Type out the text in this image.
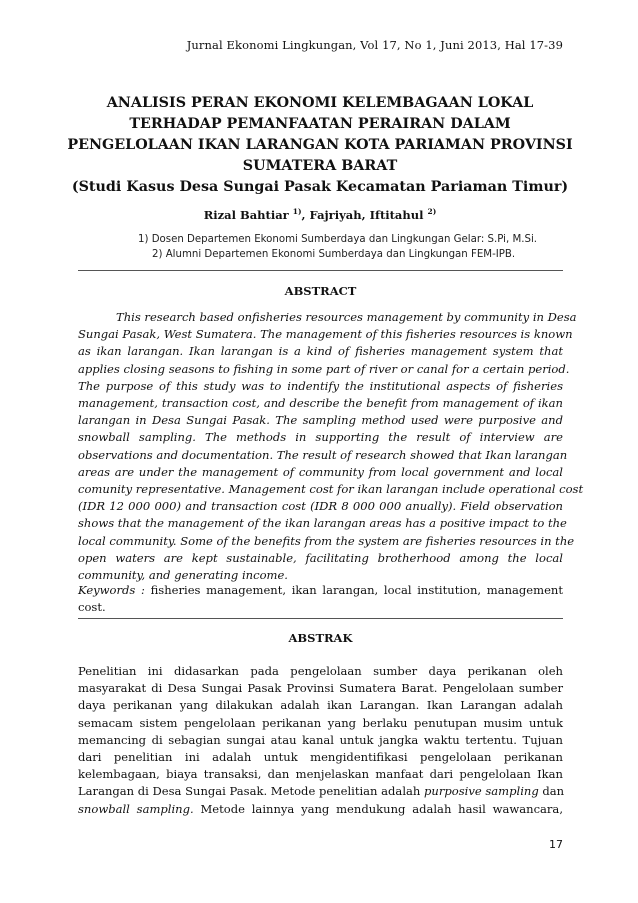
Jurnal Ekonomi Lingkungan, Vol 17, No 1, Juni 2013, Hal 17-39
ANALISIS PERAN EKONOMI KELEMBAGAAN LOKAL
TERHADAP PEMANFAATAN PERAIRAN DALAM
PENGELOLAAN IKAN LARANGAN KOTA PARIAMAN PROVINSI
SUMATERA BARAT
(Studi Kasus Desa Sungai Pasak Kecamatan Pariaman Timur)
Rizal Bahtiar $^{1)}$, Fajriyah, Iftitahul $^{2)}$
1) Dosen Departemen Ekonomi Sumberdaya dan Lingkungan Gelar: S.Pi, M.Si.
2) Alumni Departemen Ekonomi Sumberdaya dan Lingkungan FEM-IPB.
ABSTRACT
This research based onfisheries resources management by community in Desa
Sungai Pasak, West Sumatera. The management of this fisheries resources is known
as ikan larangan. Ikan larangan is a kind of fisheries management system that
applies closing seasons to fishing in some part of river or canal for a certain period.
The purpose of this study was to indentify the institutional aspects of fisheries
management, transaction cost, and describe the benefit from management of ikan
larangan in Desa Sungai Pasak. The sampling method used were purposive and
snowball sampling. The methods in supporting the result of interview are
observations and documentation. The result of research showed that Ikan larangan
areas are under the management of community from local government and local
comunity representative. Management cost for ikan larangan include operational cost
(IDR 12 000 000) and transaction cost (IDR 8 000 000 anually). Field observation
shows that the management of the ikan larangan areas has a positive impact to the
local community. Some of the benefits from the system are fisheries resources in the
open waters are kept sustainable, facilitating brotherhood among the local
community, and generating income.
Keywords : fisheries management, ikan larangan, local institution, management
cost.
ABSTRAK
Penelitian ini didasarkan pada pengelolaan sumber daya perikanan oleh
masyarakat di Desa Sungai Pasak Provinsi Sumatera Barat. Pengelolaan sumber
daya perikanan yang dilakukan adalah ikan Larangan. Ikan Larangan adalah
semacam sistem pengelolaan perikanan yang berlaku penutupan musim untuk
memancing di sebagian sungai atau kanal untuk jangka waktu tertentu. Tujuan
dari penelitian ini adalah untuk mengidentifikasi pengelolaan perikanan
kelembagaan, biaya transaksi, dan menjelaskan manfaat dari pengelolaan Ikan
Larangan di Desa Sungai Pasak. Metode penelitian adalah purposive sampling dan
snowball sampling. Metode lainnya yang mendukung adalah hasil wawancara,
17
